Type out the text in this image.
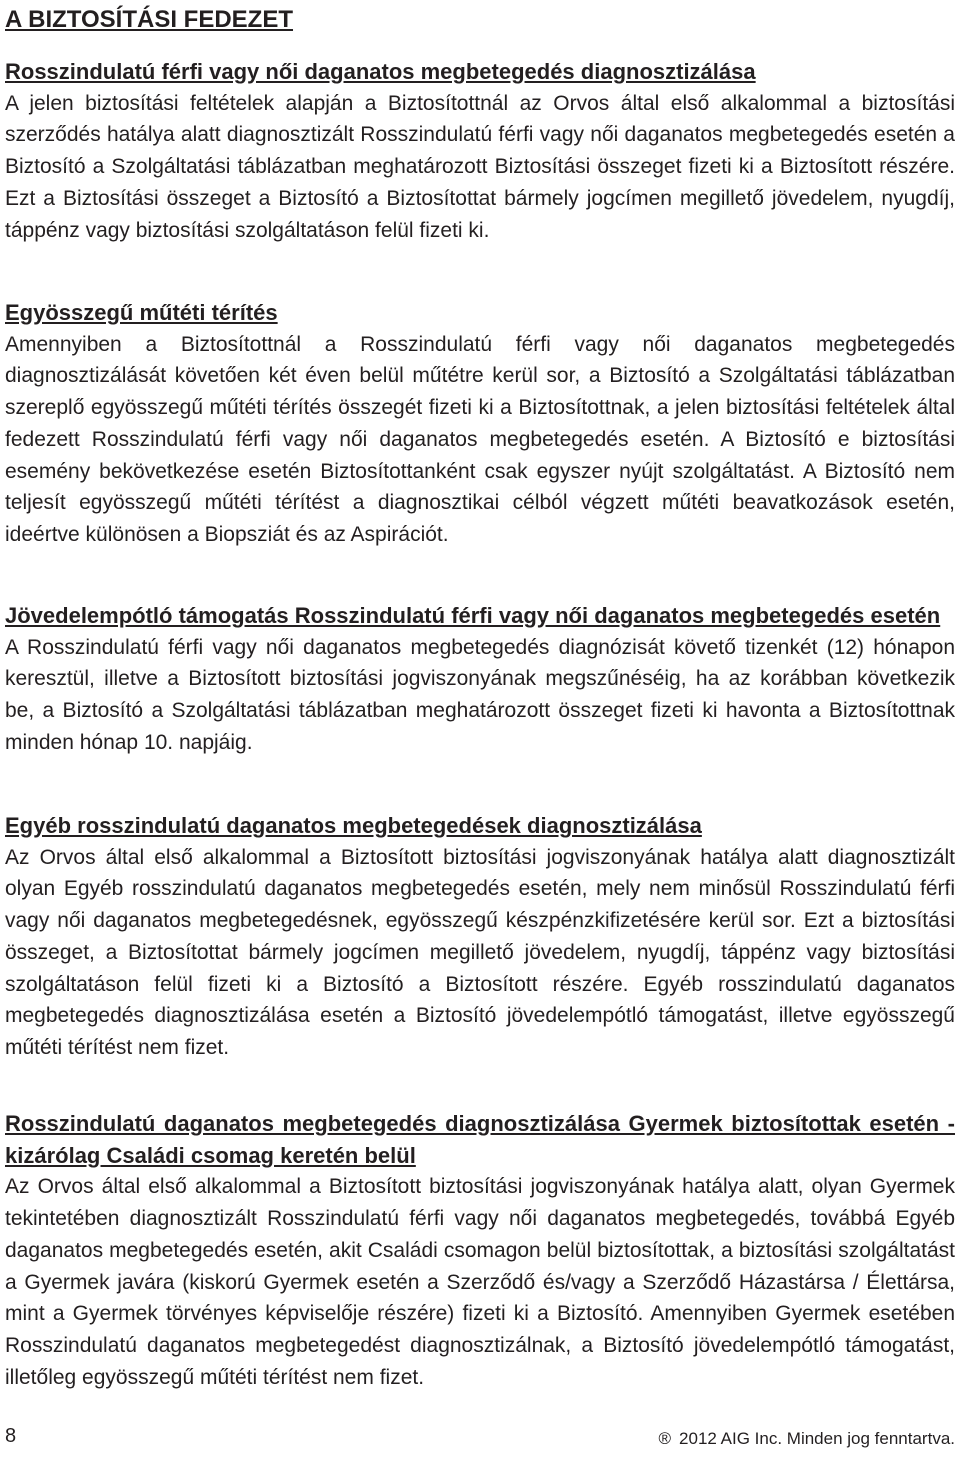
A BIZTOSÍTÁSI FEDEZET
Rosszindulatú férfi vagy női daganatos megbetegedés diagnosztizálása

A jelen biztosítási feltételek alapján a Biztosítottnál az Orvos által első alkalommal a biztosítási szerződés hatálya alatt diagnosztizált Rosszindulatú férfi vagy női daganatos megbetegedés esetén a Biztosító a Szolgáltatási táblázatban meghatározott Biztosítási összeget fizeti ki a Biztosított részére. Ezt a Biztosítási összeget a Biztosító a Biztosítottat bármely jogcímen megillető jövedelem, nyugdíj, táppénz vagy biztosítási szolgáltatáson felül fizeti ki.

Egyösszegű műtéti térítés

Amennyiben a Biztosítottnál a Rosszindulatú férfi vagy női daganatos megbetegedés diagnosztizálását követően két éven belül műtétre kerül sor, a Biztosító a Szolgáltatási táblázatban szereplő egyösszegű műtéti térítés összegét fizeti ki a Biztosítottnak, a jelen biztosítási feltételek által fedezett Rosszindulatú férfi vagy női daganatos megbetegedés esetén. A Biztosító e biztosítási esemény bekövetkezése esetén Biztosítottanként csak egyszer nyújt szolgáltatást. A Biztosító nem teljesít egyösszegű műtéti térítést a diagnosztikai célból végzett műtéti beavatkozások esetén, ideértve különösen a Biopsziát és az Aspirációt.

Jövedelempótló támogatás Rosszindulatú férfi vagy női daganatos megbetegedés esetén

A Rosszindulatú férfi vagy női daganatos megbetegedés diagnózisát követő tizenkét (12) hónapon keresztül, illetve a Biztosított biztosítási jogviszonyának megszűnéséig, ha az korábban következik be, a Biztosító a Szolgáltatási táblázatban meghatározott összeget fizeti ki havonta a Biztosítottnak minden hónap 10. napjáig.

Egyéb rosszindulatú daganatos megbetegedések diagnosztizálása

Az Orvos által első alkalommal a Biztosított biztosítási jogviszonyának hatálya alatt diagnosztizált olyan Egyéb rosszindulatú daganatos megbetegedés esetén, mely nem minősül Rosszindulatú férfi vagy női daganatos megbetegedésnek, egyösszegű készpénzkifizetésére kerül sor. Ezt a biztosítási összeget, a Biztosítottat bármely jogcímen megillető jövedelem, nyugdíj, táppénz vagy biztosítási szolgáltatáson felül fizeti ki a Biztosító a Biztosított részére. Egyéb rosszindulatú daganatos megbetegedés diagnosztizálása esetén a Biztosító jövedelempótló támogatást, illetve egyösszegű műtéti térítést nem fizet.

Rosszindulatú daganatos megbetegedés diagnosztizálása Gyermek biztosítottak esetén - kizárólag Családi csomag keretén belül

Az Orvos által első alkalommal a Biztosított biztosítási jogviszonyának hatálya alatt, olyan Gyermek tekintetében diagnosztizált Rosszindulatú férfi vagy női daganatos megbetegedés, továbbá Egyéb daganatos megbetegedés esetén, akit Családi csomagon belül biztosítottak, a biztosítási szolgáltatást a Gyermek javára (kiskorú Gyermek esetén a Szerződő és/vagy a Szerződő Házastársa / Élettársa, mint a Gyermek törvényes képviselője részére) fizeti ki a Biztosító. Amennyiben Gyermek esetében Rosszindulatú daganatos megbetegedést diagnosztizálnak, a Biztosító jövedelempótló támogatást, illetőleg egyösszegű műtéti térítést nem fizet.

8	® 2012 AIG Inc. Minden jog fenntartva.
